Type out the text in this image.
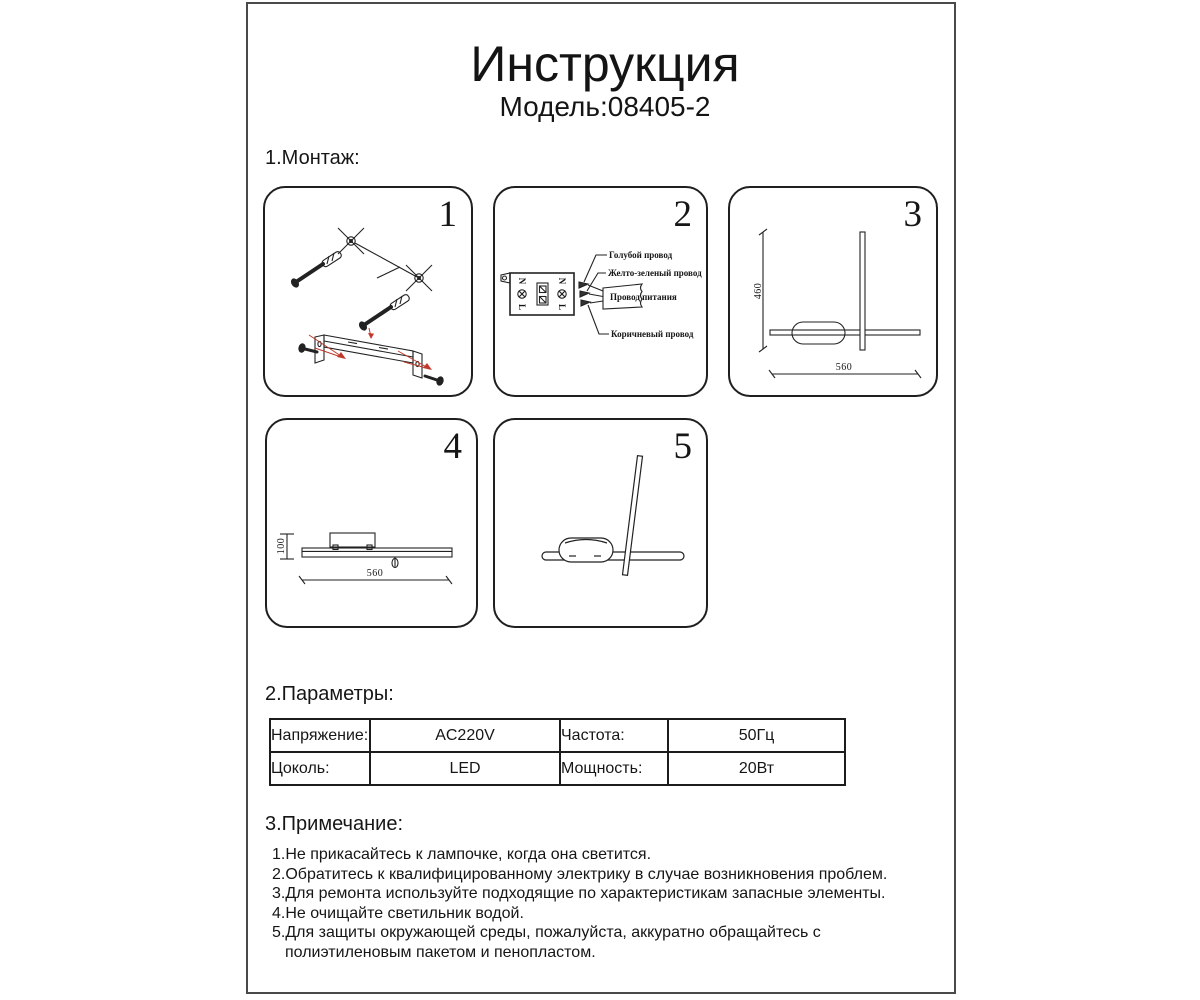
Инструкция
Модель:08405-2
1.Монтаж:
1
N
L
N
L
Голубой провод
Желто-зеленый провод
Провод питания
Коричневый провод
2
460
560
3
2.Параметры:
100
560
4	5
Напряжение:	AC220V	Частота:	50Гц
Цоколь:	LED	Мощность:	20Вт
3.Примечание:
1.Не прикасайтесь к лампочке, когда она светится.
2.Обратитесь к квалифицированному электрику в случае возникновения проблем.
3.Для ремонта используйте подходящие по характеристикам запасные элементы.
4.Не очищайте светильник водой.
5.Для защиты окружающей среды, пожалуйста, аккуратно обращайтесь с полиэтиленовым пакетом и пенопластом.
